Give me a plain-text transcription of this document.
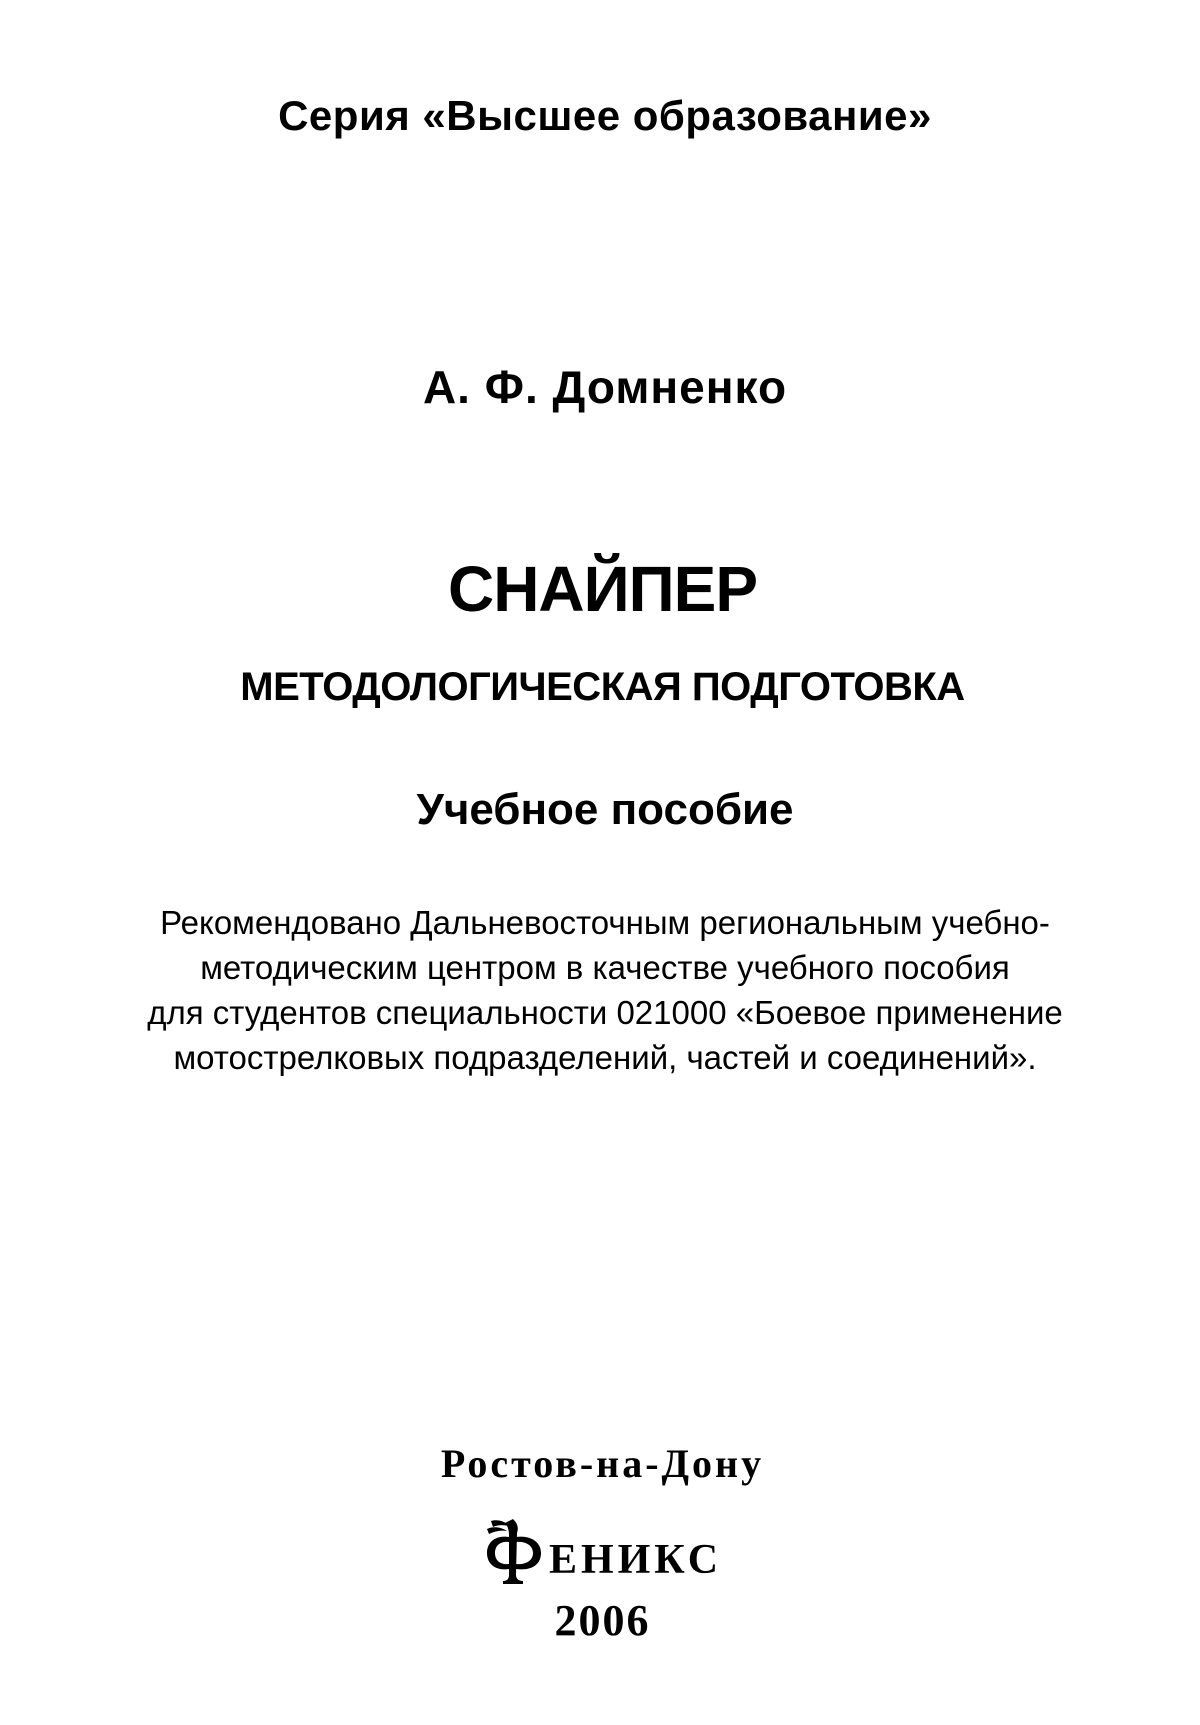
Серия «Высшее образование»
А. Ф. Домненко
СНАЙПЕР
МЕТОДОЛОГИЧЕСКАЯ ПОДГОТОВКА
Учебное пособие
Рекомендовано Дальневосточным региональным учебно-
методическим центром в качестве учебного пособия
для студентов специальности 021000 «Боевое применение
мотострелковых подразделений, частей и соединений».
Ростов-на-Дону
ЕНИКС
2006
